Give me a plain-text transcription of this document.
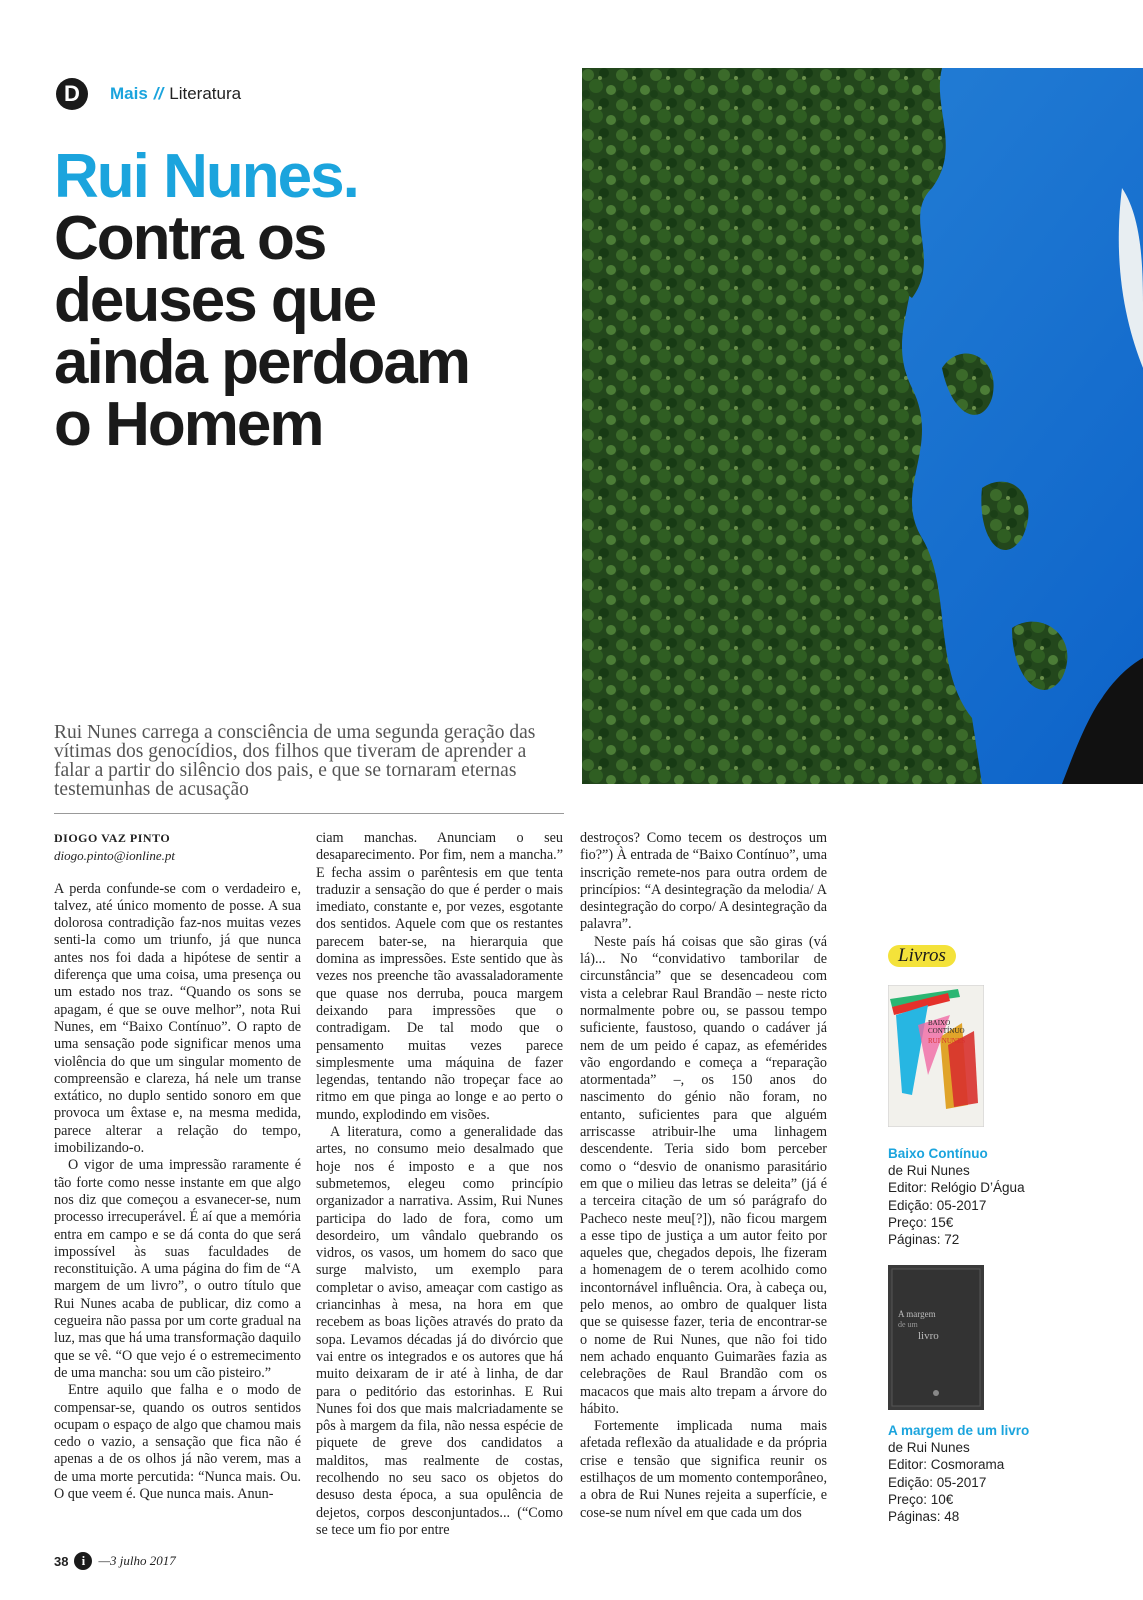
D	Mais // Literatura
Rui Nunes.
Contra os
deuses que
ainda perdoam
o Homem

Rui Nunes carrega a consciência de uma segunda geração das vítimas dos genocídios, dos filhos que tiveram de aprender a falar a partir do silêncio dos pais, e que se tornaram eternas testemunhas de acusação

DIOGO VAZ PINTO
diogo.pinto@ionline.pt

A perda confunde-se com o verdadeiro e, talvez, até único momento de posse. A sua dolorosa contradição faz-nos muitas vezes senti-la como um triunfo, já que nunca antes nos foi dada a hipótese de sentir a diferença que uma coisa, uma presença ou um estado nos traz. “Quando os sons se apagam, é que se ouve melhor”, nota Rui Nunes, em “Baixo Contínuo”. O rapto de uma sensação pode significar menos uma violência do que um singular momento de compreensão e clareza, há nele um transe extático, no duplo sentido sonoro em que provoca um êxtase e, na mesma medida, parece alterar a relação do tempo, imobilizando-o.

O vigor de uma impressão raramente é tão forte como nesse instante em que algo nos diz que começou a esvanecer-se, num processo irrecuperável. É aí que a memória entra em campo e se dá conta do que será impossível às suas faculdades de reconstituição. A uma página do fim de “A margem de um livro”, o outro título que Rui Nunes acaba de publicar, diz como a cegueira não passa por um corte gradual na luz, mas que há uma transformação daquilo que se vê. “O que vejo é o estremecimento de uma mancha: sou um cão pisteiro.”

Entre aquilo que falha e o modo de compensar-se, quando os outros sentidos ocupam o espaço de algo que chamou mais cedo o vazio, a sensação que fica não é apenas a de os olhos já não verem, mas a de uma morte percutida: “Nunca mais. Ou. O que veem é. Que nunca mais. Anun-

ciam manchas. Anunciam o seu desaparecimento. Por fim, nem a mancha.” E fecha assim o parêntesis em que tenta traduzir a sensação do que é perder o mais imediato, constante e, por vezes, esgotante dos sentidos. Aquele com que os restantes parecem bater-se, na hierarquia que domina as impressões. Este sentido que às vezes nos preenche tão avassaladoramente que quase nos derruba, pouca margem deixando para impressões que o contradigam. De tal modo que o pensamento muitas vezes parece simplesmente uma máquina de fazer legendas, tentando não tropeçar face ao ritmo em que pinga ao longe e ao perto o mundo, explodindo em visões.

A literatura, como a generalidade das artes, no consumo meio desalmado que hoje nos é imposto e a que nos submetemos, elegeu como princípio organizador a narrativa. Assim, Rui Nunes participa do lado de fora, como um desordeiro, um vândalo quebrando os vidros, os vasos, um homem do saco que surge malvisto, um exemplo para completar o aviso, ameaçar com castigo as criancinhas à mesa, na hora em que recebem as boas lições através do prato da sopa. Levamos décadas já do divórcio que vai entre os integrados e os autores que há muito deixaram de ir até à linha, de dar para o peditório das estorinhas. E Rui Nunes foi dos que mais malcriadamente se pôs à margem da fila, não nessa espécie de piquete de greve dos candidatos a malditos, mas realmente de costas, recolhendo no seu saco os objetos do desuso desta época, a sua opulência de dejetos, corpos desconjuntados... (“Como se tece um fio por entre

destroços? Como tecem os destroços um fio?”) À entrada de “Baixo Contínuo”, uma inscrição remete-nos para outra ordem de princípios: “A desintegração da melodia/ A desintegração do corpo/ A desintegração da palavra”.

Neste país há coisas que são giras (vá lá)... No “convidativo tamborilar de circunstância” que se desencadeou com vista a celebrar Raul Brandão – neste ricto normalmente pobre ou, se passou tempo suficiente, faustoso, quando o cadáver já nem de um peido é capaz, as efemérides vão engordando e começa a “reparação atormentada” –, os 150 anos do nascimento do génio não foram, no entanto, suficientes para que alguém arriscasse atribuir-lhe uma linhagem descendente. Teria sido bom perceber como o “desvio de onanismo parasitário em que o milieu das letras se deleita” (já é a terceira citação de um só parágrafo do Pacheco neste meu[?]), não ficou margem a esse tipo de justiça a um autor feito por aqueles que, chegados depois, lhe fizeram a homenagem de o terem acolhido como incontornável influência. Ora, à cabeça ou, pelo menos, ao ombro de qualquer lista que se quisesse fazer, teria de encontrar-se o nome de Rui Nunes, que não foi tido nem achado enquanto Guimarães fazia as celebrações de Raul Brandão com os macacos que mais alto trepam a árvore do hábito.

Fortemente implicada numa mais afetada reflexão da atualidade e da própria crise e tensão que significa reunir os estilhaços de um momento contemporâneo, a obra de Rui Nunes rejeita a superfície, e cose-se num nível em que cada um dos

Livros
BAIXO
CONTÍNUO
RUI NUNES
Baixo Contínuo
de Rui Nunes
Editor: Relógio D’Água
Edição: 05-2017
Preço: 15€
Páginas: 72
A margem
de um
livro
A margem de um livro
de Rui Nunes
Editor: Cosmorama
Edição: 05-2017
Preço: 10€
Páginas: 48
38	i	—3 julho 2017
